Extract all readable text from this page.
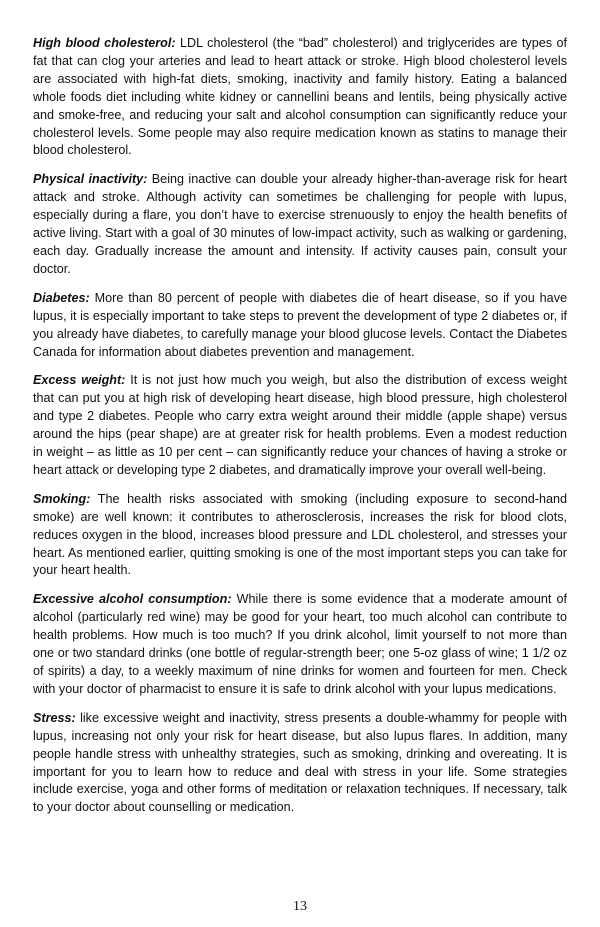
High blood cholesterol: LDL cholesterol (the “bad” cholesterol) and triglycerides are types of fat that can clog your arteries and lead to heart attack or stroke. High blood cholesterol levels are associated with high-fat diets, smoking, inactivity and family history. Eating a balanced whole foods diet including white kidney or cannellini beans and lentils, being physically active and smoke-free, and reducing your salt and alcohol consumption can significantly reduce your cholesterol levels. Some people may also require medication known as statins to manage their blood cholesterol.

Physical inactivity: Being inactive can double your already higher-than-average risk for heart attack and stroke. Although activity can sometimes be challenging for people with lupus, especially during a flare, you don’t have to exercise strenuously to enjoy the health benefits of active living. Start with a goal of 30 minutes of low-impact activity, such as walking or gardening, each day. Gradually increase the amount and intensity. If activity causes pain, consult your doctor.

Diabetes: More than 80 percent of people with diabetes die of heart disease, so if you have lupus, it is especially important to take steps to prevent the development of type 2 diabetes or, if you already have diabetes, to carefully manage your blood glucose levels. Contact the Diabetes Canada for information about diabetes prevention and management.

Excess weight: It is not just how much you weigh, but also the distribution of excess weight that can put you at high risk of developing heart disease, high blood pressure, high cholesterol and type 2 diabetes. People who carry extra weight around their middle (apple shape) versus around the hips (pear shape) are at greater risk for health problems. Even a modest reduction in weight – as little as 10 per cent – can significantly reduce your chances of having a stroke or heart attack or developing type 2 diabetes, and dramatically improve your overall well-being.

Smoking: The health risks associated with smoking (including exposure to second-hand smoke) are well known: it contributes to atherosclerosis, increases the risk for blood clots, reduces oxygen in the blood, increases blood pressure and LDL cholesterol, and stresses your heart. As mentioned earlier, quitting smoking is one of the most important steps you can take for your heart health.

Excessive alcohol consumption: While there is some evidence that a moderate amount of alcohol (particularly red wine) may be good for your heart, too much alcohol can contribute to health problems. How much is too much? If you drink alcohol, limit yourself to not more than one or two standard drinks (one bottle of regular-strength beer; one 5-oz glass of wine; 1 1/2 oz of spirits) a day, to a weekly maximum of nine drinks for women and fourteen for men. Check with your doctor of pharmacist to ensure it is safe to drink alcohol with your lupus medications.

Stress: like excessive weight and inactivity, stress presents a double-whammy for people with lupus, increasing not only your risk for heart disease, but also lupus flares. In addition, many people handle stress with unhealthy strategies, such as smoking, drinking and overeating. It is important for you to learn how to reduce and deal with stress in your life. Some strategies include exercise, yoga and other forms of meditation or relaxation techniques. If necessary, talk to your doctor about counselling or medication.

13
